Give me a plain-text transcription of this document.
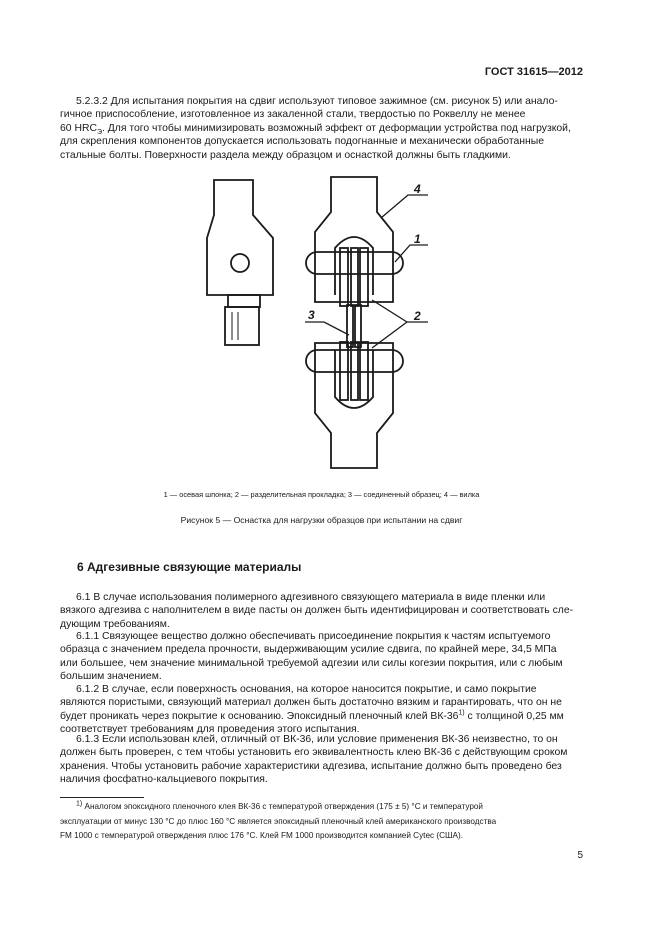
ГОСТ 31615—2012

5.2.3.2 Для испытания покрытия на сдвиг используют типовое зажимное (см. рисунок 5) или анало-
гичное приспособление, изготовленное из закаленной стали, твердостью по Роквеллу не менее
60 $HRC_Э$. Для того чтобы минимизировать возможный эффект от деформации устройства под нагрузкой,
для скрепления компонентов допускается использовать подогнанные и механически обработанные
стальные болты. Поверхности раздела между образцом и оснасткой должны быть гладкими.

4
1
2
3
1 — осевая шпонка; 2 — разделительная прокладка; 3 — соединенный образец; 4 — вилка
Рисунок 5 — Оснастка для нагрузки образцов при испытании на сдвиг
6 Адгезивные связующие материалы

6.1 В случае использования полимерного адгезивного связующего материала в виде пленки или
вязкого адгезива с наполнителем в виде пасты он должен быть идентифицирован и соответствовать сле-
дующим требованиям.

6.1.1 Связующее вещество должно обеспечивать присоединение покрытия к частям испытуемого
образца с значением предела прочности, выдерживающим усилие сдвига, по крайней мере, 34,5 МПа
или большее, чем значение минимальной требуемой адгезии или силы когезии покрытия, или с любым
большим значением.

6.1.2 В случае, если поверхность основания, на которое наносится покрытие, и само покрытие
являются пористыми, связующий материал должен быть достаточно вязким и гарантировать, что он не
будет проникать через покрытие к основанию. Эпоксидный пленочный клей ВК-36$^{1)}$ с толщиной 0,25 мм
соответствует требованиям для проведения этого испытания.

6.1.3 Если использован клей, отличный от ВК-36, или условие применения ВК-36 неизвестно, то он
должен быть проверен, с тем чтобы установить его эквивалентность клею ВК-36 с действующим сроком
хранения. Чтобы установить рабочие характеристики адгезива, испытание должно быть проведено без
наличия фосфатно-кальциевого покрытия.

$^{1)}$ Аналогом эпоксидного пленочного клея ВК-36 с температурой отверждения (175 ± 5) °С и температурой
эксплуатации от минус 130 °С до плюс 160 °С является эпоксидный пленочный клей американского производства
FM 1000 с температурой отверждения плюс 176 °С. Клей FM 1000 производится компанией Cytec (США).

5
